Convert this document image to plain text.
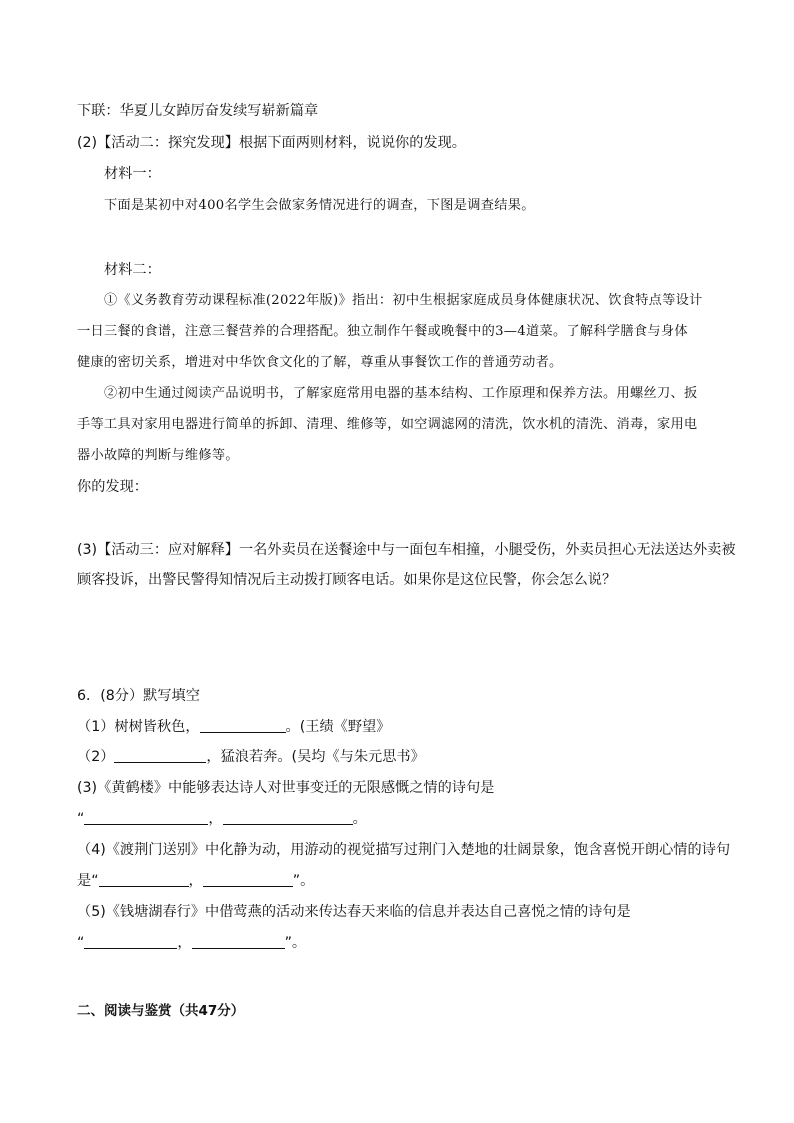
下联：华夏儿女踔厉奋发续写崭新篇章
(2)【活动二：探究发现】根据下面两则材料，说说你的发现。
材料一：
下面是某初中对400名学生会做家务情况进行的调查，下图是调查结果。
材料二：
①《义务教育劳动课程标准(2022年版)》指出：初中生根据家庭成员身体健康状况、饮食特点等设计
一日三餐的食谱，注意三餐营养的合理搭配。独立制作午餐或晚餐中的3—4道菜。了解科学膳食与身体
健康的密切关系，增进对中华饮食文化的了解，尊重从事餐饮工作的普通劳动者。
②初中生通过阅读产品说明书，了解家庭常用电器的基本结构、工作原理和保养方法。用螺丝刀、扳
手等工具对家用电器进行简单的拆卸、清理、维修等，如空调滤网的清洗，饮水机的清洗、消毒，家用电
器小故障的判断与维修等。
你的发现：
(3)【活动三：应对解释】一名外卖员在送餐途中与一面包车相撞，小腿受伤，外卖员担心无法送达外卖被
顾客投诉，出警民警得知情况后主动拨打顾客电话。如果你是这位民警，你会怎么说？
6．(8分）默写填空
（1）树树皆秋色，	。(王绩《野望》
（2）	，猛浪若奔。(吴均《与朱元思书》
(3)《黄鹤楼》中能够表达诗人对世事变迁的无限感慨之情的诗句是
“	，	。
（4)《渡荆门送别》中化静为动，用游动的视觉描写过荆门入楚地的壮阔景象，饱含喜悦开朗心情的诗句
是“	，	”。
（5)《钱塘湖春行》中借莺燕的活动来传达春天来临的信息并表达自己喜悦之情的诗句是
“	，	”。
二、阅读与鉴赏（共47分）
